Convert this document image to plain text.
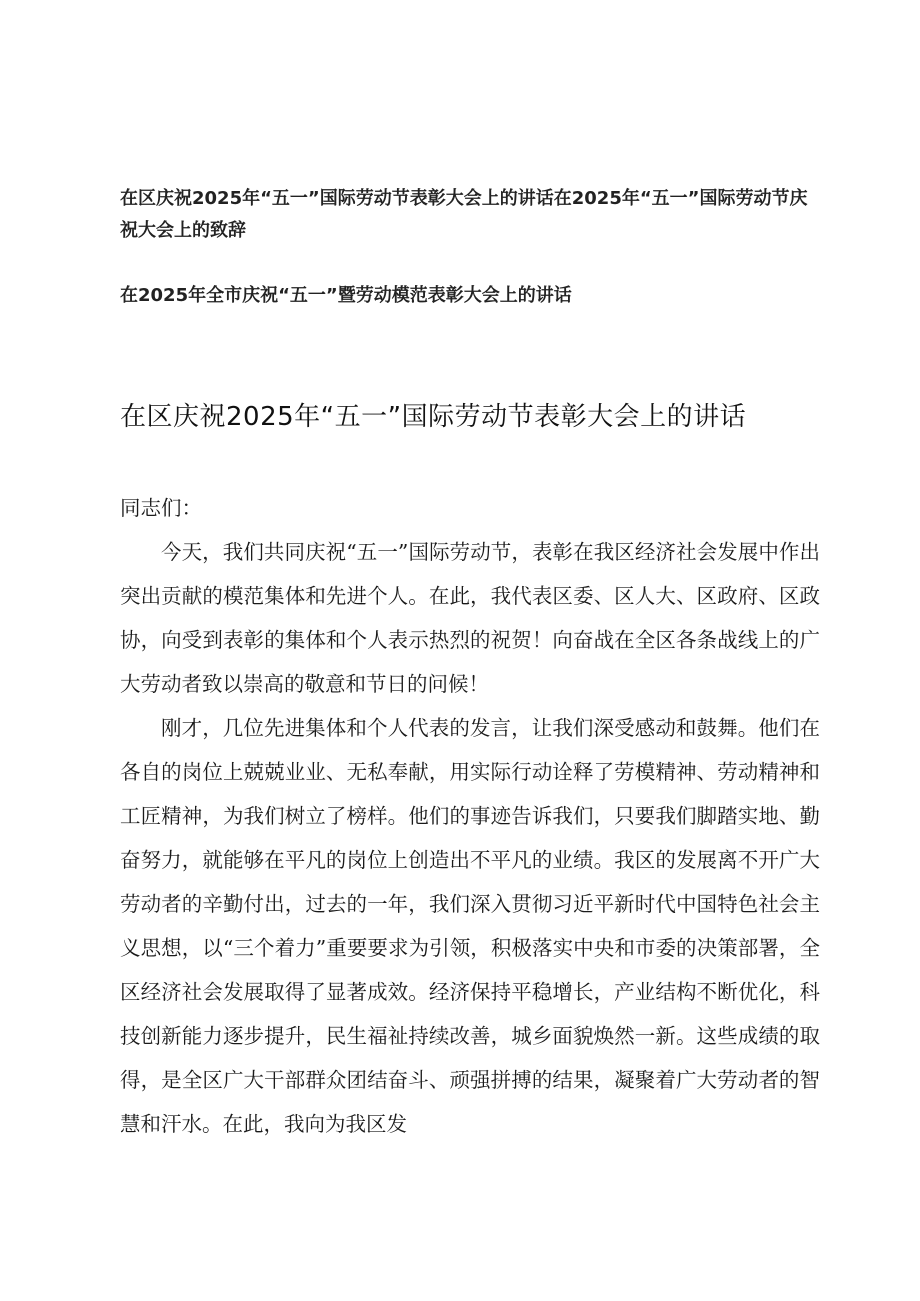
在区庆祝2025年“五一”国际劳动节表彰大会上的讲话在2025年“五一”国际劳动节庆祝大会上的致辞

在2025年全市庆祝“五一”暨劳动模范表彰大会上的讲话

在区庆祝2025年“五一”国际劳动节表彰大会上的讲话

同志们：

今天，我们共同庆祝“五一”国际劳动节，表彰在我区经济社会发展中作出突出贡献的模范集体和先进个人。在此，我代表区委、区人大、区政府、区政协，向受到表彰的集体和个人表示热烈的祝贺！向奋战在全区各条战线上的广大劳动者致以崇高的敬意和节日的问候！

刚才，几位先进集体和个人代表的发言，让我们深受感动和鼓舞。他们在各自的岗位上兢兢业业、无私奉献，用实际行动诠释了劳模精神、劳动精神和工匠精神，为我们树立了榜样。他们的事迹告诉我们，只要我们脚踏实地、勤奋努力，就能够在平凡的岗位上创造出不平凡的业绩。我区的发展离不开广大劳动者的辛勤付出，过去的一年，我们深入贯彻习近平新时代中国特色社会主义思想，以“三个着力”重要要求为引领，积极落实中央和市委的决策部署，全区经济社会发展取得了显著成效。经济保持平稳增长，产业结构不断优化，科技创新能力逐步提升，民生福祉持续改善，城乡面貌焕然一新。这些成绩的取得，是全区广大干部群众团结奋斗、顽强拼搏的结果，凝聚着广大劳动者的智慧和汗水。在此，我向为我区发
